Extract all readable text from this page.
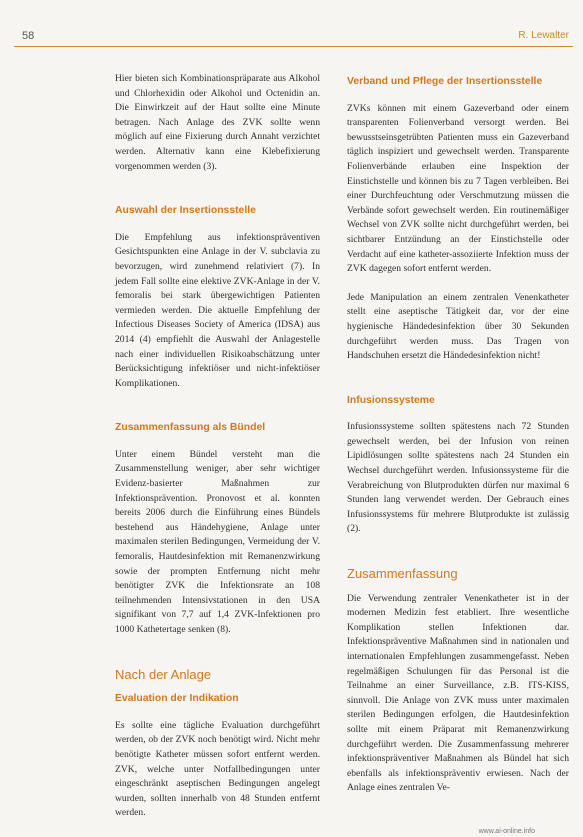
58	R. Lewalter

Hier bieten sich Kombinationspräparate aus Alkohol und Chlorhexidin oder Alkohol und Octenidin an. Die Einwirkzeit auf der Haut sollte eine Minute betragen. Nach Anlage des ZVK sollte wenn möglich auf eine Fixierung durch Annaht verzichtet werden. Alternativ kann eine Klebefixierung vorgenommen werden (3).

Auswahl der Insertionsstelle

Die Empfehlung aus infektionspräventiven Gesichtspunkten eine Anlage in der V. subclavia zu bevorzugen, wird zunehmend relativiert (7). In jedem Fall sollte eine elektive ZVK-Anlage in der V. femoralis bei stark übergewichtigen Patienten vermieden werden. Die aktuelle Empfehlung der Infectious Diseases Society of America (IDSA) aus 2014 (4) empfiehlt die Auswahl der Anlagestelle nach einer individuellen Risikoabschätzung unter Berücksichtigung infektiöser und nicht-infektiöser Komplikationen.

Zusammenfassung als Bündel

Unter einem Bündel versteht man die Zusammenstellung weniger, aber sehr wichtiger Evidenz-basierter Maßnahmen zur Infektionsprävention. Pronovost et al. konnten bereits 2006 durch die Einführung eines Bündels bestehend aus Händehygiene, Anlage unter maximalen sterilen Bedingungen, Vermeidung der V. femoralis, Hautdesinfektion mit Remanenzwirkung sowie der prompten Entfernung nicht mehr benötigter ZVK die Infektionsrate an 108 teilnehmenden Intensivstationen in den USA signifikant von 7,7 auf 1,4 ZVK-Infektionen pro 1000 Kathetertage senken (8).

Nach der Anlage
Evaluation der Indikation

Es sollte eine tägliche Evaluation durchgeführt werden, ob der ZVK noch benötigt wird. Nicht mehr benötigte Katheter müssen sofort entfernt werden. ZVK, welche unter Notfallbedingungen unter eingeschränkt aseptischen Bedingungen angelegt wurden, sollten innerhalb von 48 Stunden entfernt werden.

Verband und Pflege der Insertionsstelle

ZVKs können mit einem Gazeverband oder einem transparenten Folienverband versorgt werden. Bei bewusstseinsgetrübten Patienten muss ein Gazeverband täglich inspiziert und gewechselt werden. Transparente Folienverbände erlauben eine Inspektion der Einstichstelle und können bis zu 7 Tagen verbleiben. Bei einer Durchfeuchtung oder Verschmutzung müssen die Verbände sofort gewechselt werden. Ein routinemäßiger Wechsel von ZVK sollte nicht durchgeführt werden, bei sichtbarer Entzündung an der Einstichstelle oder Verdacht auf eine katheter-assoziierte Infektion muss der ZVK dagegen sofort entfernt werden.

Jede Manipulation an einem zentralen Venenkatheter stellt eine aseptische Tätigkeit dar, vor der eine hygienische Händedesinfektion über 30 Sekunden durchgeführt werden muss. Das Tragen von Handschuhen ersetzt die Händedesinfektion nicht!

Infusionssysteme

Infusionssysteme sollten spätestens nach 72 Stunden gewechselt werden, bei der Infusion von reinen Lipidlösungen sollte spätestens nach 24 Stunden ein Wechsel durchgeführt werden. Infusionssysteme für die Verabreichung von Blutprodukten dürfen nur maximal 6 Stunden lang verwendet werden. Der Gebrauch eines Infusionssystems für mehrere Blutprodukte ist zulässig (2).

Zusammenfassung

Die Verwendung zentraler Venenkatheter ist in der modernen Medizin fest etabliert. Ihre wesentliche Komplikation stellen Infektionen dar. Infektionspräventive Maßnahmen sind in nationalen und internationalen Empfehlungen zusammengefasst. Neben regelmäßigen Schulungen für das Personal ist die Teilnahme an einer Surveillance, z.B. ITS-KISS, sinnvoll. Die Anlage von ZVK muss unter maximalen sterilen Bedingungen erfolgen, die Hautdesinfektion sollte mit einem Präparat mit Remanenzwirkung durchgeführt werden. Die Zusammenfassung mehrerer infektionspräventiver Maßnahmen als Bündel hat sich ebenfalls als infektionspräventiv erwiesen. Nach der Anlage eines zentralen Ve-

www.ai-online.info
